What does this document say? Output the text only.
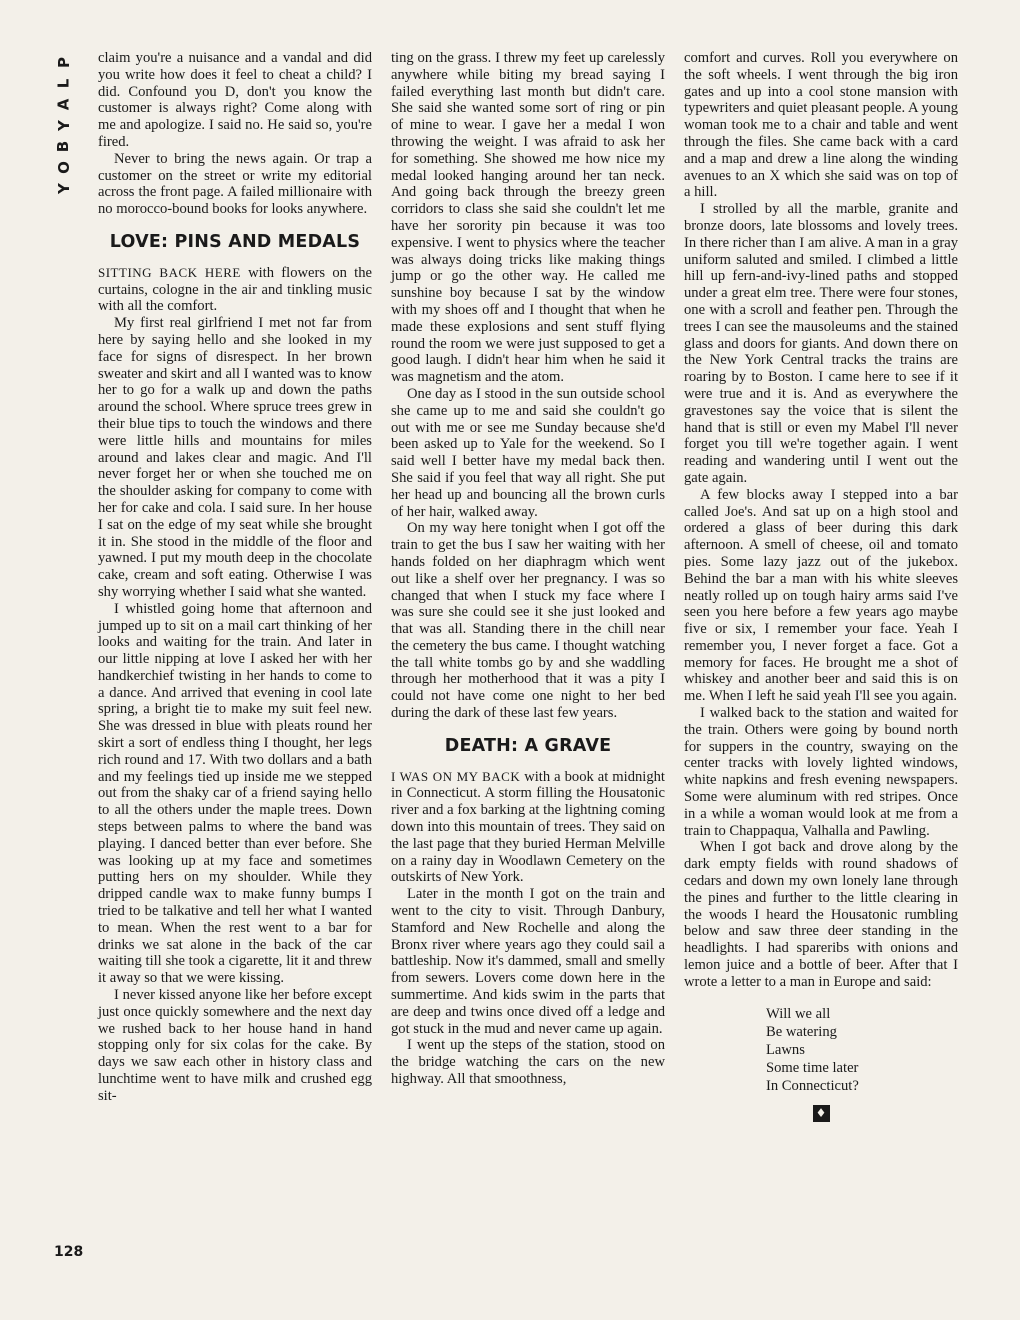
P
L
A
Y
B
O
Y

claim you're a nuisance and a vandal and did you write how does it feel to cheat a child? I did. Confound you D, don't you know the customer is always right? Come along with me and apologize. I said no. He said so, you're fired.

Never to bring the news again. Or trap a customer on the street or write my editorial across the front page. A failed millionaire with no morocco-bound books for looks anywhere.

LOVE: PINS AND MEDALS

SITTING BACK HERE with flowers on the curtains, cologne in the air and tinkling music with all the comfort.

My first real girlfriend I met not far from here by saying hello and she looked in my face for signs of disrespect. In her brown sweater and skirt and all I wanted was to know her to go for a walk up and down the paths around the school. Where spruce trees grew in their blue tips to touch the windows and there were little hills and mountains for miles around and lakes clear and magic. And I'll never forget her or when she touched me on the shoulder asking for company to come with her for cake and cola. I said sure. In her house I sat on the edge of my seat while she brought it in. She stood in the middle of the floor and yawned. I put my mouth deep in the chocolate cake, cream and soft eating. Otherwise I was shy worrying whether I said what she wanted.

I whistled going home that afternoon and jumped up to sit on a mail cart thinking of her looks and waiting for the train. And later in our little nipping at love I asked her with her handkerchief twisting in her hands to come to a dance. And arrived that evening in cool late spring, a bright tie to make my suit feel new. She was dressed in blue with pleats round her skirt a sort of endless thing I thought, her legs rich round and 17. With two dollars and a bath and my feelings tied up inside me we stepped out from the shaky car of a friend saying hello to all the others under the maple trees. Down steps between palms to where the band was playing. I danced better than ever before. She was looking up at my face and sometimes putting hers on my shoulder. While they dripped candle wax to make funny bumps I tried to be talkative and tell her what I wanted to mean. When the rest went to a bar for drinks we sat alone in the back of the car waiting till she took a cigarette, lit it and threw it away so that we were kissing.

I never kissed anyone like her before except just once quickly somewhere and the next day we rushed back to her house hand in hand stopping only for six colas for the cake. By days we saw each other in history class and lunchtime went to have milk and crushed egg sit-

ting on the grass. I threw my feet up carelessly anywhere while biting my bread saying I failed everything last month but didn't care. She said she wanted some sort of ring or pin of mine to wear. I gave her a medal I won throwing the weight. I was afraid to ask her for something. She showed me how nice my medal looked hanging around her tan neck. And going back through the breezy green corridors to class she said she couldn't let me have her sorority pin because it was too expensive. I went to physics where the teacher was always doing tricks like making things jump or go the other way. He called me sunshine boy because I sat by the window with my shoes off and I thought that when he made these explosions and sent stuff flying round the room we were just supposed to get a good laugh. I didn't hear him when he said it was magnetism and the atom.

One day as I stood in the sun outside school she came up to me and said she couldn't go out with me or see me Sunday because she'd been asked up to Yale for the weekend. So I said well I better have my medal back then. She said if you feel that way all right. She put her head up and bouncing all the brown curls of her hair, walked away.

On my way here tonight when I got off the train to get the bus I saw her waiting with her hands folded on her diaphragm which went out like a shelf over her pregnancy. I was so changed that when I stuck my face where I was sure she could see it she just looked and that was all. Standing there in the chill near the cemetery the bus came. I thought watching the tall white tombs go by and she waddling through her motherhood that it was a pity I could not have come one night to her bed during the dark of these last few years.

DEATH: A GRAVE

I WAS ON MY BACK with a book at midnight in Connecticut. A storm filling the Housatonic river and a fox barking at the lightning coming down into this mountain of trees. They said on the last page that they buried Herman Melville on a rainy day in Woodlawn Cemetery on the outskirts of New York.

Later in the month I got on the train and went to the city to visit. Through Danbury, Stamford and New Rochelle and along the Bronx river where years ago they could sail a battleship. Now it's dammed, small and smelly from sewers. Lovers come down here in the summertime. And kids swim in the parts that are deep and twins once dived off a ledge and got stuck in the mud and never came up again.

I went up the steps of the station, stood on the bridge watching the cars on the new highway. All that smoothness,

comfort and curves. Roll you everywhere on the soft wheels. I went through the big iron gates and up into a cool stone mansion with typewriters and quiet pleasant people. A young woman took me to a chair and table and went through the files. She came back with a card and a map and drew a line along the winding avenues to an X which she said was on top of a hill.

I strolled by all the marble, granite and bronze doors, late blossoms and lovely trees. In there richer than I am alive. A man in a gray uniform saluted and smiled. I climbed a little hill up fern-and-ivy-lined paths and stopped under a great elm tree. There were four stones, one with a scroll and feather pen. Through the trees I can see the mausoleums and the stained glass and doors for giants. And down there on the New York Central tracks the trains are roaring by to Boston. I came here to see if it were true and it is. And as everywhere the gravestones say the voice that is silent the hand that is still or even my Mabel I'll never forget you till we're together again. I went reading and wandering until I went out the gate again.

A few blocks away I stepped into a bar called Joe's. And sat up on a high stool and ordered a glass of beer during this dark afternoon. A smell of cheese, oil and tomato pies. Some lazy jazz out of the jukebox. Behind the bar a man with his white sleeves neatly rolled up on tough hairy arms said I've seen you here before a few years ago maybe five or six, I remember your face. Yeah I remember you, I never forget a face. Got a memory for faces. He brought me a shot of whiskey and another beer and said this is on me. When I left he said yeah I'll see you again.

I walked back to the station and waited for the train. Others were going by bound north for suppers in the country, swaying on the center tracks with lovely lighted windows, white napkins and fresh evening newspapers. Some were aluminum with red stripes. Once in a while a woman would look at me from a train to Chappaqua, Valhalla and Pawling.

When I got back and drove along by the dark empty fields with round shadows of cedars and down my own lonely lane through the pines and further to the little clearing in the woods I heard the Housatonic rumbling below and saw three deer standing in the headlights. I had spareribs with onions and lemon juice and a bottle of beer. After that I wrote a letter to a man in Europe and said:

Will we all
Be watering
Lawns
Some time later
In Connecticut?
♦
128
